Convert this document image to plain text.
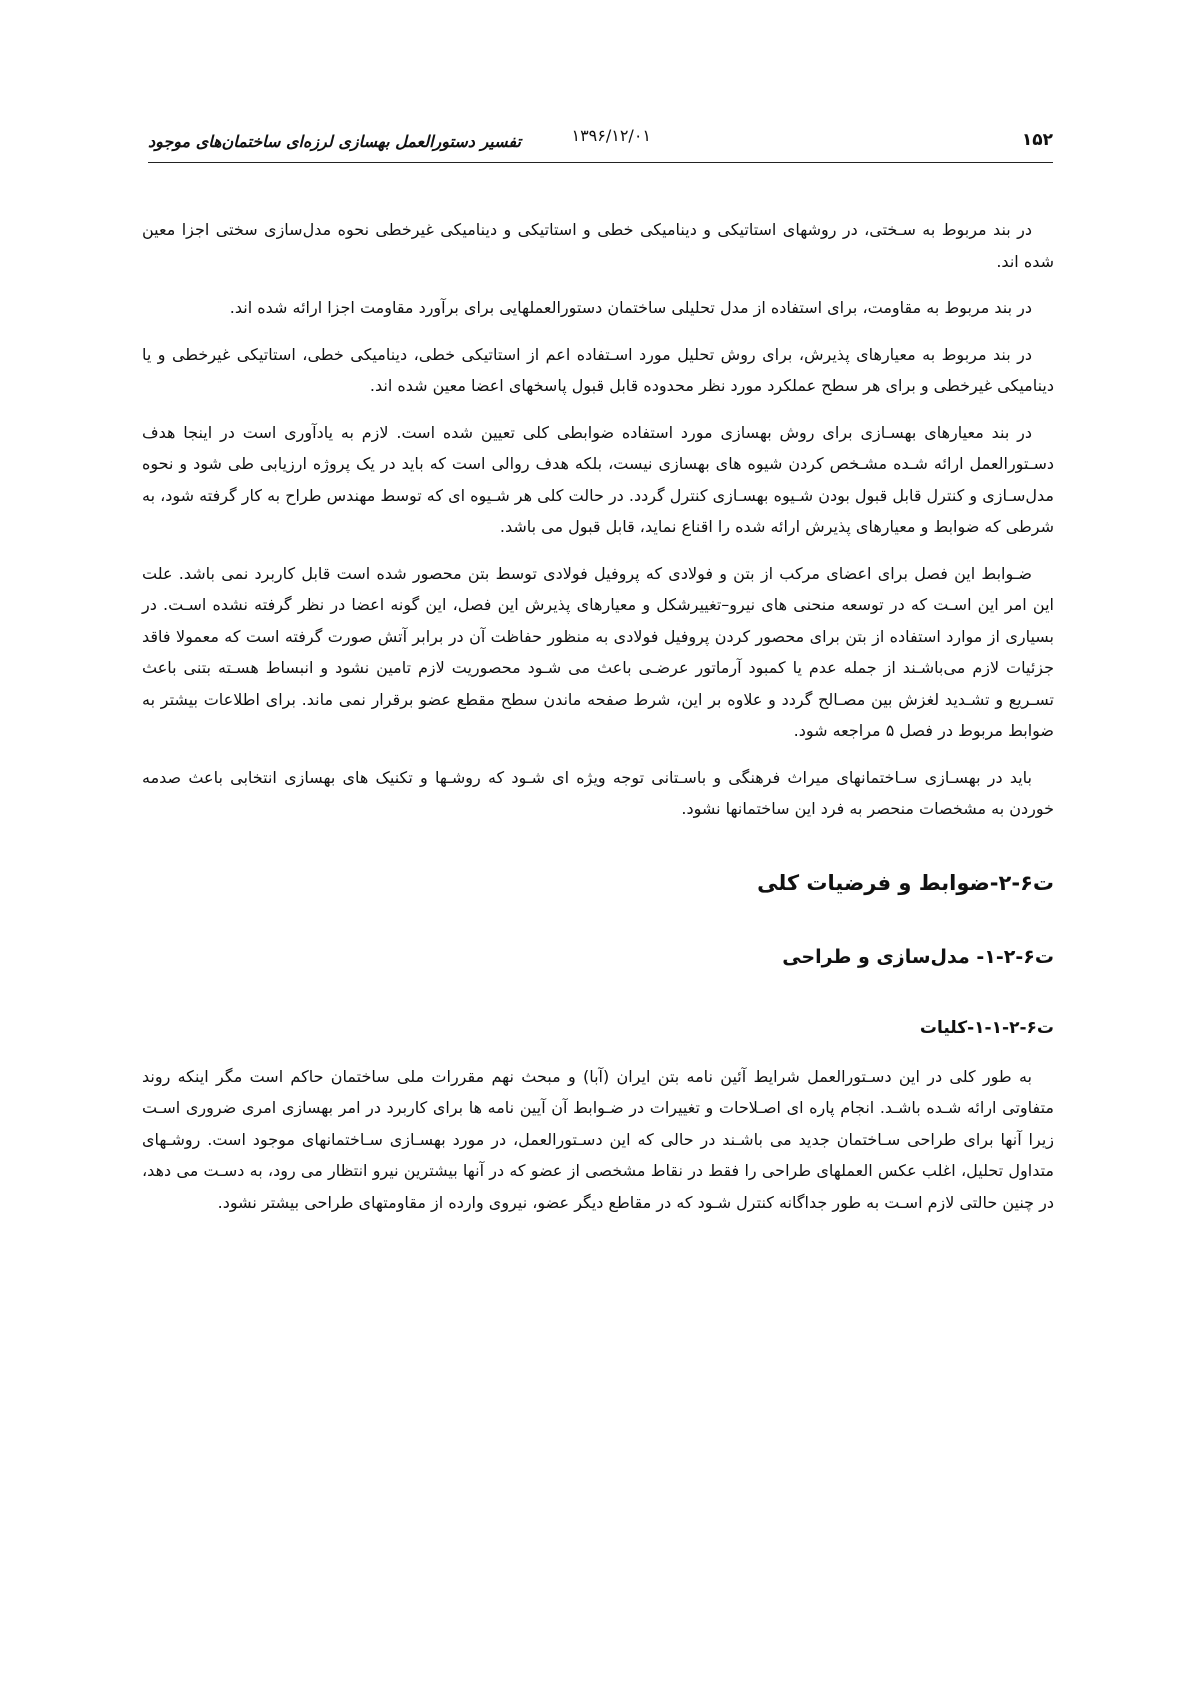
۱۵۲
۱۳۹۶/۱۲/۰۱
تفسیر دستورالعمل بهسازی لرزه‌ای ساختمان‌های موجود

در بند مربوط به سـختی، در روشهای استاتیکی و دینامیکی خطی و استاتیکی و دینامیکی غیرخطی نحوه مدل‌سازی سختی اجزا معین شده اند.

در بند مربوط به مقاومت، برای استفاده از مدل تحلیلی ساختمان دستورالعملهایی برای برآورد مقاومت اجزا ارائه شده اند.

در بند مربوط به معیارهای پذیرش، برای روش تحلیل مورد اسـتفاده اعم از استاتیکی خطی، دینامیکی خطی، استاتیکی غیرخطی و یا دینامیکی غیرخطی و برای هر سطح عملکرد مورد نظر محدوده قابل قبول پاسخهای اعضا معین شده اند.

در بند معیارهای بهسـازی برای روش بهسازی مورد استفاده ضوابطی کلی تعیین شده است. لازم به یادآوری است در اینجا هدف دسـتورالعمل ارائه شـده مشـخص کردن شیوه های بهسازی نیست، بلکه هدف روالی است که باید در یک پروژه ارزیابی طی شود و نحوه مدل‌سـازی و کنترل قابل قبول بودن شـیوه بهسـازی کنترل گردد. در حالت کلی هر شـیوه ای که توسط مهندس طراح به کار گرفته شود، به شرطی که ضوابط و معیارهای پذیرش ارائه شده را اقناع نماید، قابل قبول می باشد.

ضـوابط این فصل برای اعضای مرکب از بتن و فولادی که پروفیل فولادی توسط بتن محصور شده است قابل کاربرد نمی باشد. علت این امر این اسـت که در توسعه منحنی های نیرو–تغییرشکل و معیارهای پذیرش این فصل، این گونه اعضا در نظر گرفته نشده اسـت. در بسیاری از موارد استفاده از بتن برای محصور کردن پروفیل فولادی به منظور حفاظت آن در برابر آتش صورت گرفته است که معمولا فاقد جزئیات لازم می‌باشـند از جمله عدم یا کمبود آرماتور عرضـی باعث می شـود محصوریت لازم تامین نشود و انبساط هسـته بتنی باعث تسـریع و تشـدید لغزش بین مصـالح گردد و علاوه بر این، شرط صفحه ماندن سطح مقطع عضو برقرار نمی ماند. برای اطلاعات بیشتر به ضوابط مربوط در فصل ۵ مراجعه شود.

باید در بهسـازی سـاختمانهای میراث فرهنگی و باسـتانی توجه ویژه ای شـود که روشـها و تکنیک های بهسازی انتخابی باعث صدمه خوردن به مشخصات منحصر به فرد این ساختمانها نشود.

ت۶-۲-ضوابط و فرضیات کلی
ت۶-۲-۱- مدل‌سازی و طراحی
ت۶-۲-۱-۱-کلیات

به طور کلی در این دسـتورالعمل شرایط آئین نامه بتن ایران (آبا) و مبحث نهم مقررات ملی ساختمان حاکم است مگر اینکه روند متفاوتی ارائه شـده باشـد. انجام پاره ای اصـلاحات و تغییرات در ضـوابط آن آیین نامه ها برای کاربرد در امر بهسازی امری ضروری اسـت زیرا آنها برای طراحی سـاختمان جدید می باشـند در حالی که این دسـتورالعمل، در مورد بهسـازی سـاختمانهای موجود است. روشـهای متداول تحلیل، اغلب عکس العملهای طراحی را فقط در نقاط مشخصی از عضو که در آنها بیشترین نیرو انتظار می رود، به دسـت می دهد، در چنین حالتی لازم اسـت به طور جداگانه کنترل شـود که در مقاطع دیگر عضو، نیروی وارده از مقاومتهای طراحی بیشتر نشود.
